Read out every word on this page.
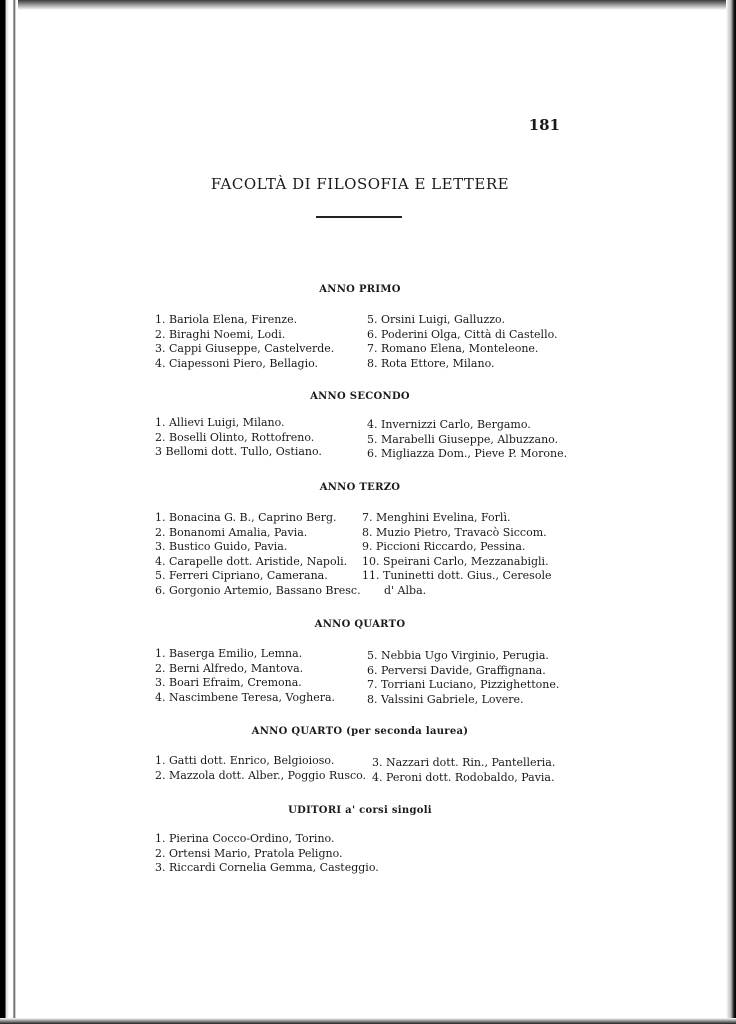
181
FACOLTÀ DI FILOSOFIA E LETTERE
ANNO PRIMO
1. Bariola Elena, Firenze.
2. Biraghi Noemi, Lodi.
3. Cappi Giuseppe, Castelverde.
4. Ciapessoni Piero, Bellagio.
5. Orsini Luigi, Galluzzo.
6. Poderini Olga, Città di Castello.
7. Romano Elena, Monteleone.
8. Rota Ettore, Milano.
ANNO SECONDO
1. Allievi Luigi, Milano.
2. Boselli Olinto, Rottofreno.
3 Bellomi dott. Tullo, Ostiano.
4. Invernizzi Carlo, Bergamo.
5. Marabelli Giuseppe, Albuzzano.
6. Migliazza Dom., Pieve P. Morone.
ANNO TERZO
1. Bonacina G. B., Caprino Berg.
2. Bonanomi Amalia, Pavia.
3. Bustico Guido, Pavia.
4. Carapelle dott. Aristide, Napoli.
5. Ferreri Cipriano, Camerana.
6. Gorgonio Artemio, Bassano Bresc.
7. Menghini Evelina, Forlì.
8. Muzio Pietro, Travacò Siccom.
9. Piccioni Riccardo, Pessina.
10. Speirani Carlo, Mezzanabigli.
11. Tuninetti dott. Gius., Ceresole
d' Alba.
ANNO QUARTO
1. Baserga Emilio, Lemna.
2. Berni Alfredo, Mantova.
3. Boari Efraim, Cremona.
4. Nascimbene Teresa, Voghera.
5. Nebbia Ugo Virginio, Perugia.
6. Perversi Davide, Graffignana.
7. Torriani Luciano, Pizzighettone.
8. Valssini Gabriele, Lovere.
ANNO QUARTO (per seconda laurea)
1. Gatti dott. Enrico, Belgioioso.
2. Mazzola dott. Alber., Poggio Rusco.
3. Nazzari dott. Rin., Pantelleria.
4. Peroni dott. Rodobaldo, Pavia.
UDITORI a' corsi singoli
1. Pierina Cocco-Ordino, Torino.
2. Ortensi Mario, Pratola Peligno.
3. Riccardi Cornelia Gemma, Casteggio.
